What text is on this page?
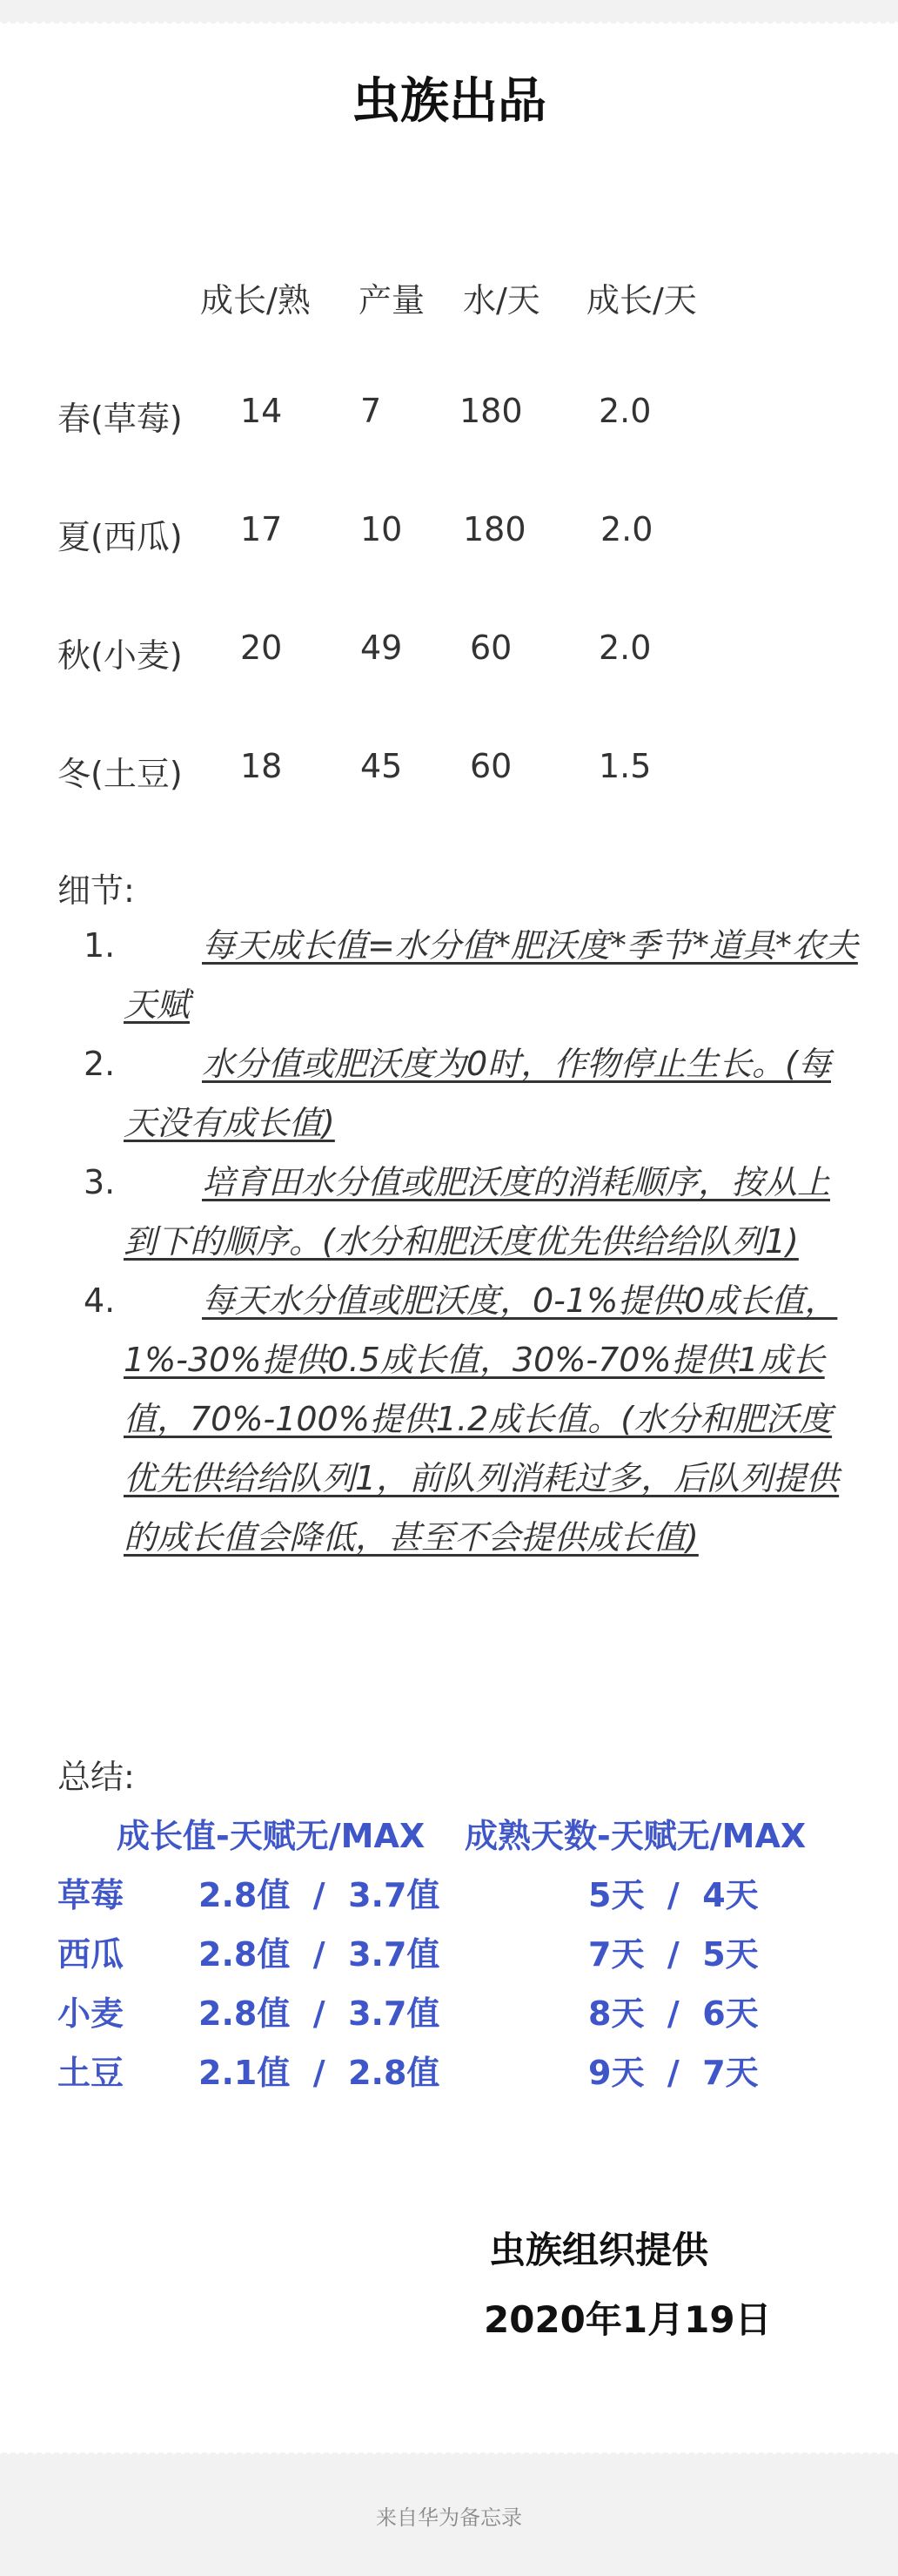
虫族出品
成长/熟 产量 水/天 成长/天
春(草莓) 14 7 180 2.0
夏(西瓜) 17 10 180 2.0
秋(小麦) 20 49 60	2.0
冬(土豆) 18 45 60	1.5
细节:
1.	每天成长值=水分值*肥沃度*季节*道具*农夫天赋
2.	水分值或肥沃度为0时，作物停止生长。(每天没有成长值)
3.	培育田水分值或肥沃度的消耗顺序，按从上到下的顺序。(水分和肥沃度优先供给给队列1)
4.	每天水分值或肥沃度，0-1%提供0成长值，1%-30%提供0.5成长值，30%-70%提供1成长值，70%-100%提供1.2成长值。(水分和肥沃度优先供给给队列1，前队列消耗过多，后队列提供的成长值会降低，甚至不会提供成长值)
总结:
成长值-天赋无/MAX 成熟天数-天赋无/MAX
草莓 2.8值  /  3.7值	5天  /  4天
西瓜 2.8值  /  3.7值	7天  /  5天
小麦 2.8值  /  3.7值	8天  /  6天
土豆 2.1值  /  2.8值	9天  /  7天
虫族组织提供
2020年1月19日
来自华为备忘录
